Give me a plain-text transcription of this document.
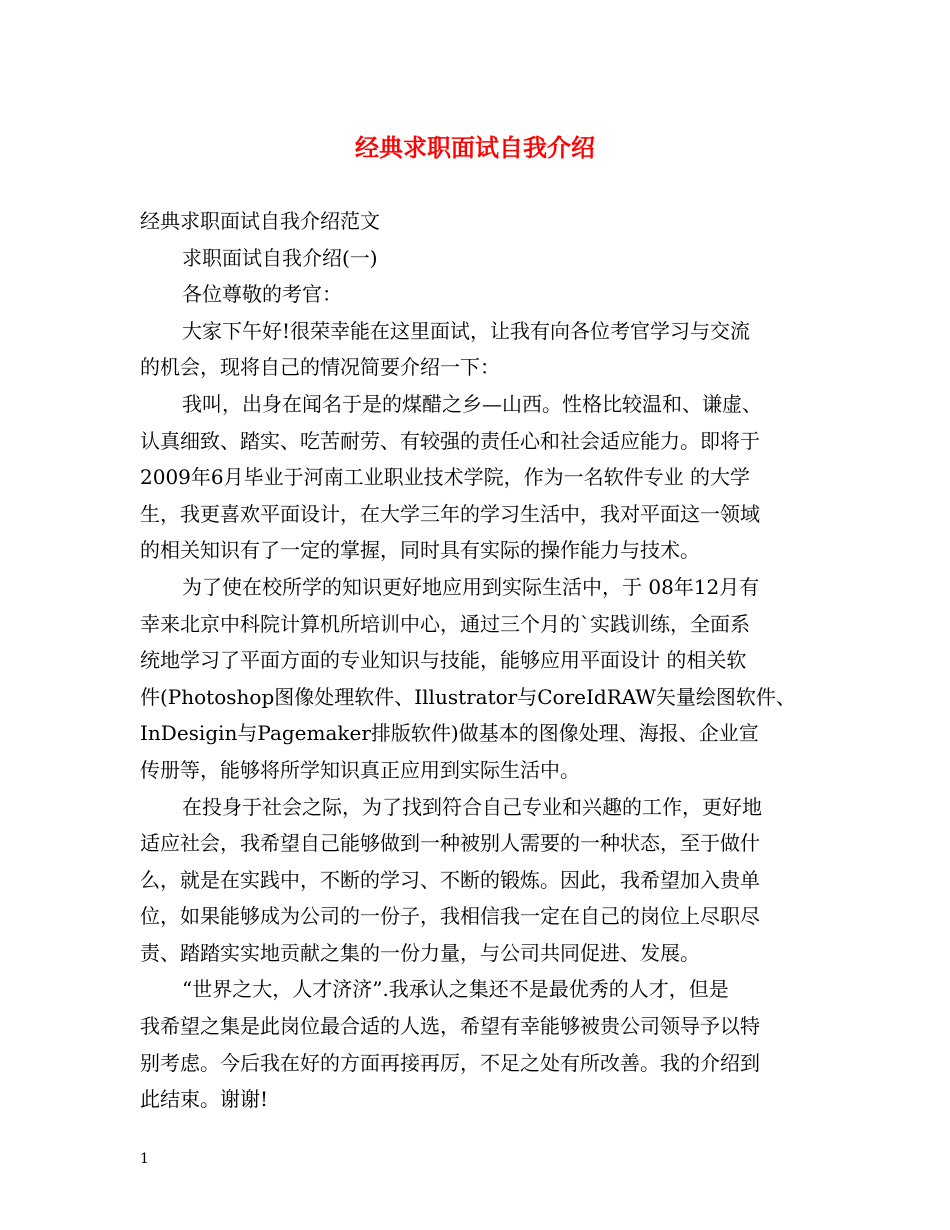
经典求职面试自我介绍

经典求职面试自我介绍范文

求职面试自我介绍(一)

各位尊敬的考官：

大家下午好!很荣幸能在这里面试，让我有向各位考官学习与交流

的机会，现将自己的情况简要介绍一下：

我叫，出身在闻名于是的煤醋之乡—山西。性格比较温和、谦虚、

认真细致、踏实、吃苦耐劳、有较强的责任心和社会适应能力。即将于

2009年6月毕业于河南工业职业技术学院，作为一名软件专业 的大学

生，我更喜欢平面设计，在大学三年的学习生活中，我对平面这一领域

的相关知识有了一定的掌握，同时具有实际的操作能力与技术。

为了使在校所学的知识更好地应用到实际生活中，于 08年12月有

幸来北京中科院计算机所培训中心，通过三个月的`实践训练，全面系

统地学习了平面方面的专业知识与技能，能够应用平面设计 的相关软

件(Photoshop图像处理软件、Illustrator与CoreIdRAW矢量绘图软件、

InDesigin与Pagemaker排版软件)做基本的图像处理、海报、企业宣

传册等，能够将所学知识真正应用到实际生活中。

在投身于社会之际，为了找到符合自己专业和兴趣的工作，更好地

适应社会，我希望自己能够做到一种被别人需要的一种状态，至于做什

么，就是在实践中，不断的学习、不断的锻炼。因此，我希望加入贵单

位，如果能够成为公司的一份子，我相信我一定在自己的岗位上尽职尽

责、踏踏实实地贡献之集的一份力量，与公司共同促进、发展。

“世界之大，人才济济”.我承认之集还不是最优秀的人才，但是

我希望之集是此岗位最合适的人选，希望有幸能够被贵公司领导予以特

别考虑。今后我在好的方面再接再厉，不足之处有所改善。我的介绍到

此结束。谢谢!

1
